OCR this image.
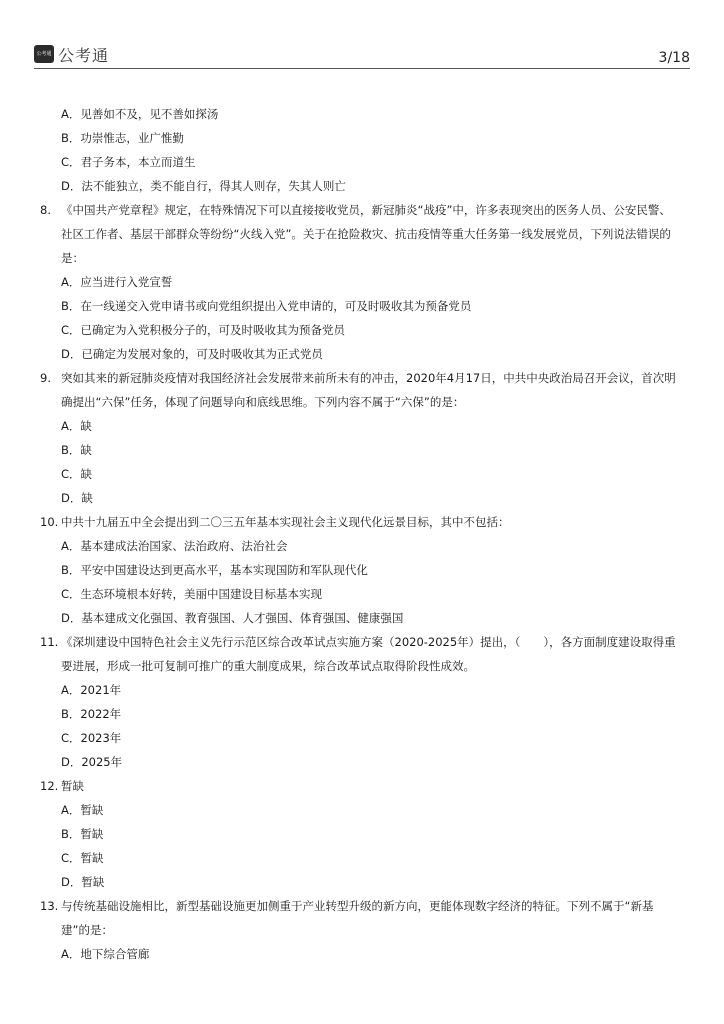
公考通 公考通	3/18
A．见善如不及，见不善如探汤
B．功崇惟志，业广惟勤
C．君子务本，本立而道生
D．法不能独立，类不能自行，得其人则存，失其人则亡
8. 《中国共产党章程》规定，在特殊情况下可以直接接收党员，新冠肺炎“战疫”中，许多表现突出的医务人员、公安民警、
社区工作者、基层干部群众等纷纷“火线入党”。关于在抢险救灾、抗击疫情等重大任务第一线发展党员，下列说法错误的
是：
A．应当进行入党宣誓
B．在一线递交入党申请书或向党组织提出入党申请的，可及时吸收其为预备党员
C．已确定为入党积极分子的，可及时吸收其为预备党员
D．已确定为发展对象的，可及时吸收其为正式党员
9. 突如其来的新冠肺炎疫情对我国经济社会发展带来前所未有的冲击，2020年4月17日，中共中央政治局召开会议，首次明
确提出“六保”任务，体现了问题导向和底线思维。下列内容不属于“六保”的是：
A．缺
B．缺
C．缺
D．缺
10. 中共十九届五中全会提出到二〇三五年基本实现社会主义现代化远景目标，其中不包括：
A．基本建成法治国家、法治政府、法治社会
B．平安中国建设达到更高水平，基本实现国防和军队现代化
C．生态环境根本好转，美丽中国建设目标基本实现
D．基本建成文化强国、教育强国、人才强国、体育强国、健康强国
11. 《深圳建设中国特色社会主义先行示范区综合改革试点实施方案（2020-2025年）提出，（　　），各方面制度建设取得重
要进展，形成一批可复制可推广的重大制度成果，综合改革试点取得阶段性成效。
A．2021年
B．2022年
C．2023年
D．2025年
12. 暂缺
A．暂缺
B．暂缺
C．暂缺
D．暂缺
13. 与传统基础设施相比，新型基础设施更加侧重于产业转型升级的新方向，更能体现数字经济的特征。下列不属于“新基
建”的是：
A．地下综合管廊
